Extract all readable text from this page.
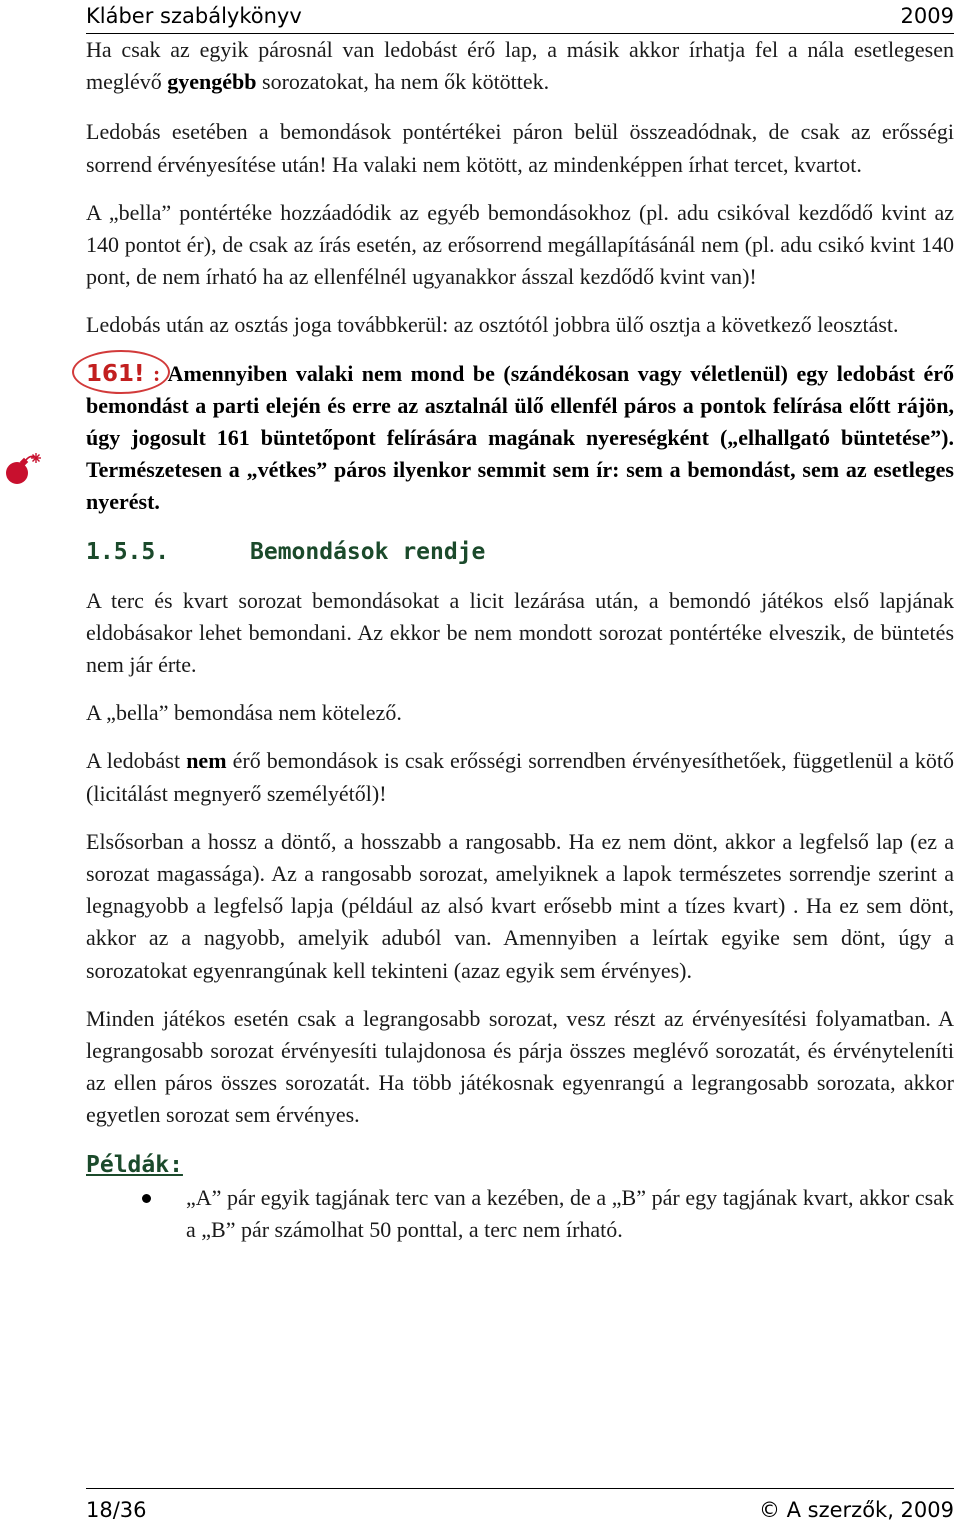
Kláber szabálykönyv	2009

Ha csak az egyik párosnál van ledobást érő lap, a másik akkor írhatja fel a nála esetlegesen meglévő gyengébb sorozatokat, ha nem ők kötöttek.

Ledobás esetében a bemondások pontértékei páron belül összeadódnak, de csak az erősségi sorrend érvényesítése után! Ha valaki nem kötött, az mindenképpen írhat tercet, kvartot.

A „bella” pontértéke hozzáadódik az egyéb bemondásokhoz (pl. adu csikóval kezdődő kvint az 140 pontot ér), de csak az írás esetén, az erősorrend megállapításánál nem (pl. adu csikó kvint 140 pont, de nem írható ha az ellenfélnél ugyanakkor ásszal kezdődő kvint van)!

Ledobás után az osztás joga továbbkerül: az osztótól jobbra ülő osztja a következő leosztást.

161! : Amennyiben valaki nem mond be (szándékosan vagy véletlenül) egy ledobást érő bemondást a parti elején és erre az asztalnál ülő ellenfél páros a pontok felírása előtt rájön, úgy jogosult 161 büntetőpont felírására magának nyereségként („elhallgató büntetése”). Természetesen a „vétkes” páros ilyenkor semmit sem ír: sem a bemondást, sem az esetleges nyerést.

1.5.5.	Bemondások rendje

A terc és kvart sorozat bemondásokat a licit lezárása után, a bemondó játékos első lapjának eldobásakor lehet bemondani. Az ekkor be nem mondott sorozat pontértéke elveszik, de büntetés nem jár érte.

A „bella” bemondása nem kötelező.

A ledobást nem érő bemondások is csak erősségi sorrendben érvényesíthetőek, függetlenül a kötő (licitálást megnyerő személyétől)!

Elsősorban a hossz a döntő, a hosszabb a rangosabb. Ha ez nem dönt, akkor a legfelső lap (ez a sorozat magassága). Az a rangosabb sorozat, amelyiknek a lapok természetes sorrendje szerint a legnagyobb a legfelső lapja (például az alsó kvart erősebb mint a tízes kvart) . Ha ez sem dönt, akkor az a nagyobb, amelyik aduból van. Amennyiben a leírtak egyike sem dönt, úgy a sorozatokat egyenrangúnak kell tekinteni (azaz egyik sem érvényes).

Minden játékos esetén csak a legrangosabb sorozat, vesz részt az érvényesítési folyamatban. A legrangosabb sorozat érvényesíti tulajdonosa és párja összes meglévő sorozatát, és érvényteleníti az ellen páros összes sorozatát. Ha több játékosnak egyenrangú a legrangosabb sorozata, akkor egyetlen sorozat sem érvényes.

Példák:

„A” pár egyik tagjának terc van a kezében, de a „B” pár egy tagjának kvart, akkor csak a „B” pár számolhat 50 ponttal, a terc nem írható.
18/36	© A szerzők, 2009
